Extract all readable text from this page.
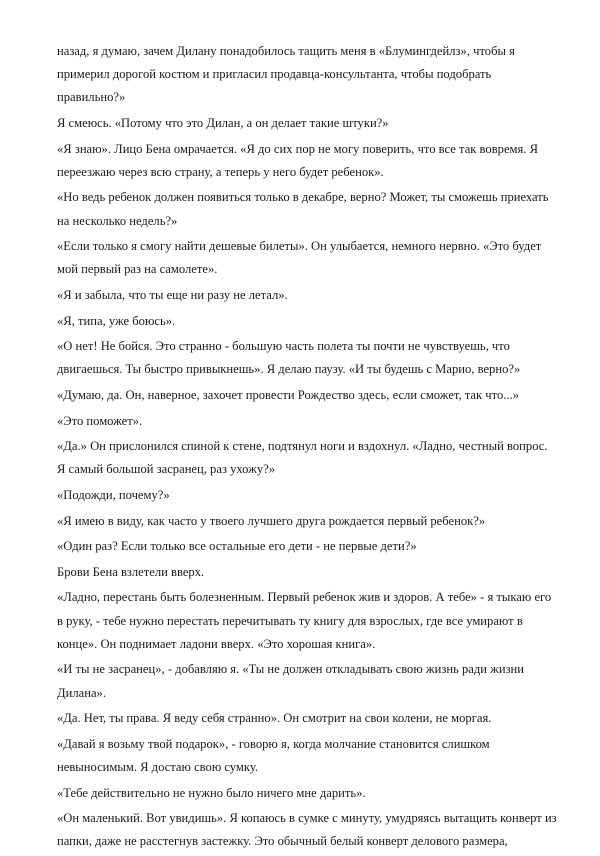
назад, я думаю, зачем Дилану понадобилось тащить меня в «Блумингдейлз», чтобы я примерил дорогой костюм и пригласил продавца-консультанта, чтобы подобрать правильно?»

Я смеюсь. «Потому что это Дилан, а он делает такие штуки?»

«Я знаю». Лицо Бена омрачается. «Я до сих пор не могу поверить, что все так вовремя. Я переезжаю через всю страну, а теперь у него будет ребенок».

«Но ведь ребенок должен появиться только в декабре, верно? Может, ты сможешь приехать на несколько недель?»

«Если только я смогу найти дешевые билеты». Он улыбается, немного нервно. «Это будет мой первый раз на самолете».

«Я и забыла, что ты еще ни разу не летал».

«Я, типа, уже боюсь».

«О нет! Не бойся. Это странно - большую часть полета ты почти не чувствуешь, что двигаешься. Ты быстро привыкнешь». Я делаю паузу. «И ты будешь с Марио, верно?»

«Думаю, да. Он, наверное, захочет провести Рождество здесь, если сможет, так что...»

«Это поможет».

«Да.» Он прислонился спиной к стене, подтянул ноги и вздохнул. «Ладно, честный вопрос. Я самый большой засранец, раз ухожу?»

«Подожди, почему?»

«Я имею в виду, как часто у твоего лучшего друга рождается первый ребенок?»

«Один раз? Если только все остальные его дети - не первые дети?»

Брови Бена взлетели вверх.

«Ладно, перестань быть болезненным. Первый ребенок жив и здоров. А тебе» - я тыкаю его в руку, - тебе нужно перестать перечитывать ту книгу для взрослых, где все умирают в конце». Он поднимает ладони вверх. «Это хорошая книга».

«И ты не засранец», - добавляю я. «Ты не должен откладывать свою жизнь ради жизни Дилана».

«Да. Нет, ты права. Я веду себя странно». Он смотрит на свои колени, не моргая.

«Давай я возьму твой подарок», - говорю я, когда молчание становится слишком невыносимым. Я достаю свою сумку.

«Тебе действительно не нужно было ничего мне дарить».

«Он маленький. Вот увидишь». Я копаюсь в сумке с минуту, умудряясь вытащить конверт из папки, даже не расстегнув застежку. Это обычный белый конверт делового размера,
